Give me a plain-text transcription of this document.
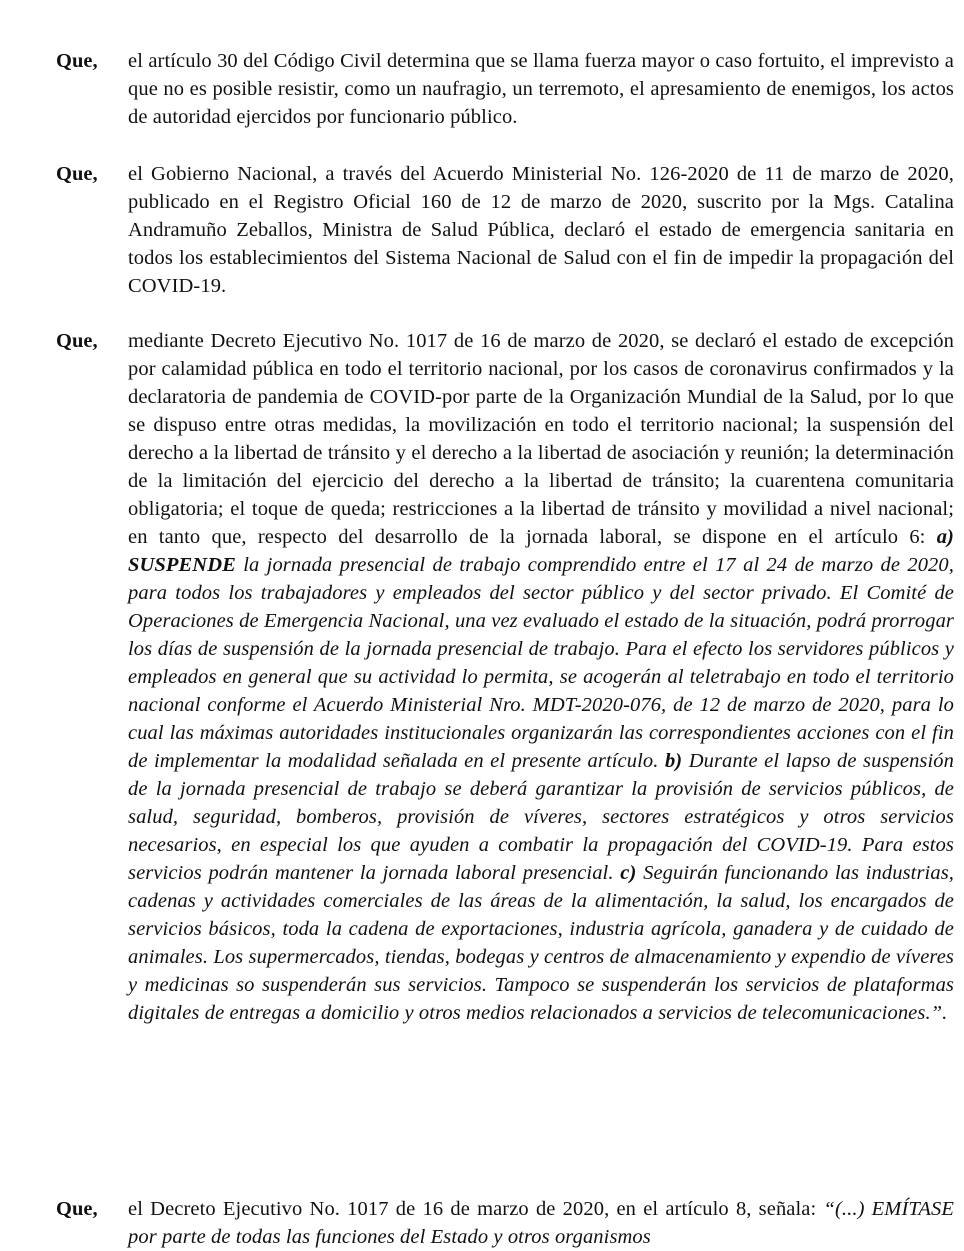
Que, el artículo 30 del Código Civil determina que se llama fuerza mayor o caso fortuito, el imprevisto a que no es posible resistir, como un naufragio, un terremoto, el apresamiento de enemigos, los actos de autoridad ejercidos por funcionario público.
Que, el Gobierno Nacional, a través del Acuerdo Ministerial No. 126-2020 de 11 de marzo de 2020, publicado en el Registro Oficial 160 de 12 de marzo de 2020, suscrito por la Mgs. Catalina Andramuño Zeballos, Ministra de Salud Pública, declaró el estado de emergencia sanitaria en todos los establecimientos del Sistema Nacional de Salud con el fin de impedir la propagación del COVID-19.
Que, mediante Decreto Ejecutivo No. 1017 de 16 de marzo de 2020, se declaró el estado de excepción por calamidad pública en todo el territorio nacional, por los casos de coronavirus confirmados y la declaratoria de pandemia de COVID-por parte de la Organización Mundial de la Salud, por lo que se dispuso entre otras medidas, la movilización en todo el territorio nacional; la suspensión del derecho a la libertad de tránsito y el derecho a la libertad de asociación y reunión; la determinación de la limitación del ejercicio del derecho a la libertad de tránsito; la cuarentena comunitaria obligatoria; el toque de queda; restricciones a la libertad de tránsito y movilidad a nivel nacional; en tanto que, respecto del desarrollo de la jornada laboral, se dispone en el artículo 6: a) SUSPENDE la jornada presencial de trabajo comprendido entre el 17 al 24 de marzo de 2020, para todos los trabajadores y empleados del sector público y del sector privado. El Comité de Operaciones de Emergencia Nacional, una vez evaluado el estado de la situación, podrá prorrogar los días de suspensión de la jornada presencial de trabajo. Para el efecto los servidores públicos y empleados en general que su actividad lo permita, se acogerán al teletrabajo en todo el territorio nacional conforme el Acuerdo Ministerial Nro. MDT-2020-076, de 12 de marzo de 2020, para lo cual las máximas autoridades institucionales organizarán las correspondientes acciones con el fin de implementar la modalidad señalada en el presente artículo. b) Durante el lapso de suspensión de la jornada presencial de trabajo se deberá garantizar la provisión de servicios públicos, de salud, seguridad, bomberos, provisión de víveres, sectores estratégicos y otros servicios necesarios, en especial los que ayuden a combatir la propagación del COVID-19. Para estos servicios podrán mantener la jornada laboral presencial. c) Seguirán funcionando las industrias, cadenas y actividades comerciales de las áreas de la alimentación, la salud, los encargados de servicios básicos, toda la cadena de exportaciones, industria agrícola, ganadera y de cuidado de animales. Los supermercados, tiendas, bodegas y centros de almacenamiento y expendio de víveres y medicinas so suspenderán sus servicios. Tampoco se suspenderán los servicios de plataformas digitales de entregas a domicilio y otros medios relacionados a servicios de telecomunicaciones.”.
Que, el Decreto Ejecutivo No. 1017 de 16 de marzo de 2020, en el artículo 8, señala: “(...) EMÍTASE por parte de todas las funciones del Estado y otros organismos
